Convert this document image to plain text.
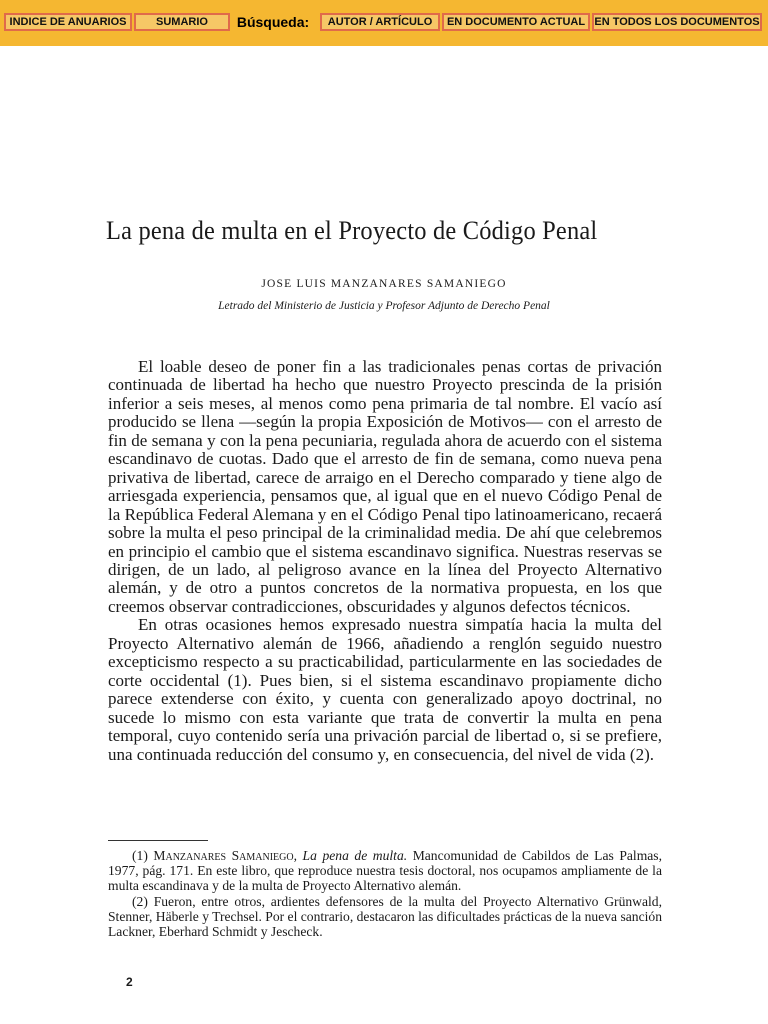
INDICE DE ANUARIOS	SUMARIO	Búsqueda:	AUTOR / ARTÍCULO	EN DOCUMENTO ACTUAL EN TODOS LOS DOCUMENTOS
La pena de multa en el Proyecto de Código Penal
JOSE LUIS MANZANARES SAMANIEGO
Letrado del Ministerio de Justicia y Profesor Adjunto de Derecho Penal

El loable deseo de poner fin a las tradicionales penas cortas de privación continuada de libertad ha hecho que nuestro Proyecto prescinda de la prisión inferior a seis meses, al menos como pena primaria de tal nombre. El vacío así producido se llena —según la propia Exposición de Motivos— con el arresto de fin de semana y con la pena pecuniaria, regulada ahora de acuerdo con el sistema escandinavo de cuotas. Dado que el arresto de fin de semana, como nueva pena privativa de libertad, carece de arraigo en el Derecho comparado y tiene algo de arriesgada experiencia, pensamos que, al igual que en el nuevo Código Penal de la República Federal Alemana y en el Código Penal tipo latinoamericano, recaerá sobre la multa el peso principal de la criminalidad media. De ahí que celebremos en principio el cambio que el sistema escandinavo significa. Nuestras reservas se dirigen, de un lado, al peligroso avance en la línea del Proyecto Alternativo alemán, y de otro a puntos concretos de la normativa propuesta, en los que creemos observar contradicciones, obscuridades y algunos defectos técnicos.

En otras ocasiones hemos expresado nuestra simpatía hacia la multa del Proyecto Alternativo alemán de 1966, añadiendo a renglón seguido nuestro excepticismo respecto a su practicabilidad, particularmente en las sociedades de corte occidental (1). Pues bien, si el sistema escandinavo propiamente dicho parece extenderse con éxito, y cuenta con generalizado apoyo doctrinal, no sucede lo mismo con esta variante que trata de convertir la multa en pena temporal, cuyo contenido sería una privación parcial de libertad o, si se prefiere, una continuada reducción del consumo y, en consecuencia, del nivel de vida (2).

(1) Manzanares Samaniego, La pena de multa. Mancomunidad de Cabildos de Las Palmas, 1977, pág. 171. En este libro, que reproduce nuestra tesis doctoral, nos ocupamos ampliamente de la multa escandinava y de la multa de Proyecto Alternativo alemán.

(2) Fueron, entre otros, ardientes defensores de la multa del Proyecto Alternativo Grünwald, Stenner, Häberle y Trechsel. Por el contrario, destacaron las dificultades prácticas de la nueva sanción Lackner, Eberhard Schmidt y Jescheck.

2
